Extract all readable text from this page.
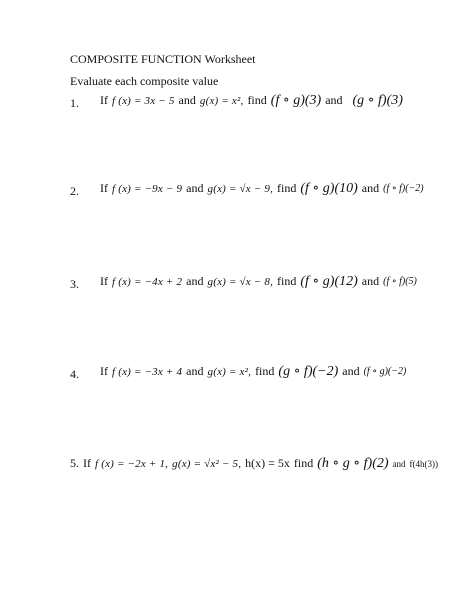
COMPOSITE FUNCTION Worksheet
Evaluate each composite value
1. If f (x) = 3x − 5 and g(x) = x², find (f ∘ g)(3) and (g ∘ f)(3)
2. If f (x) = −9x − 9 and g(x) = √x − 9, find (f ∘ g)(10) and (f ∘ f)(−2)
3. If f (x) = −4x + 2 and g(x) = √x − 8, find (f ∘ g)(12) and (f ∘ f)(5)
4. If f (x) = −3x + 4 and g(x) = x², find (g ∘ f)(−2) and (f ∘ g)(−2)
5. If f (x) = −2x + 1, g(x) = √x² − 5, h(x) = 5x find (h ∘ g ∘ f)(2) and f(4h(3))
